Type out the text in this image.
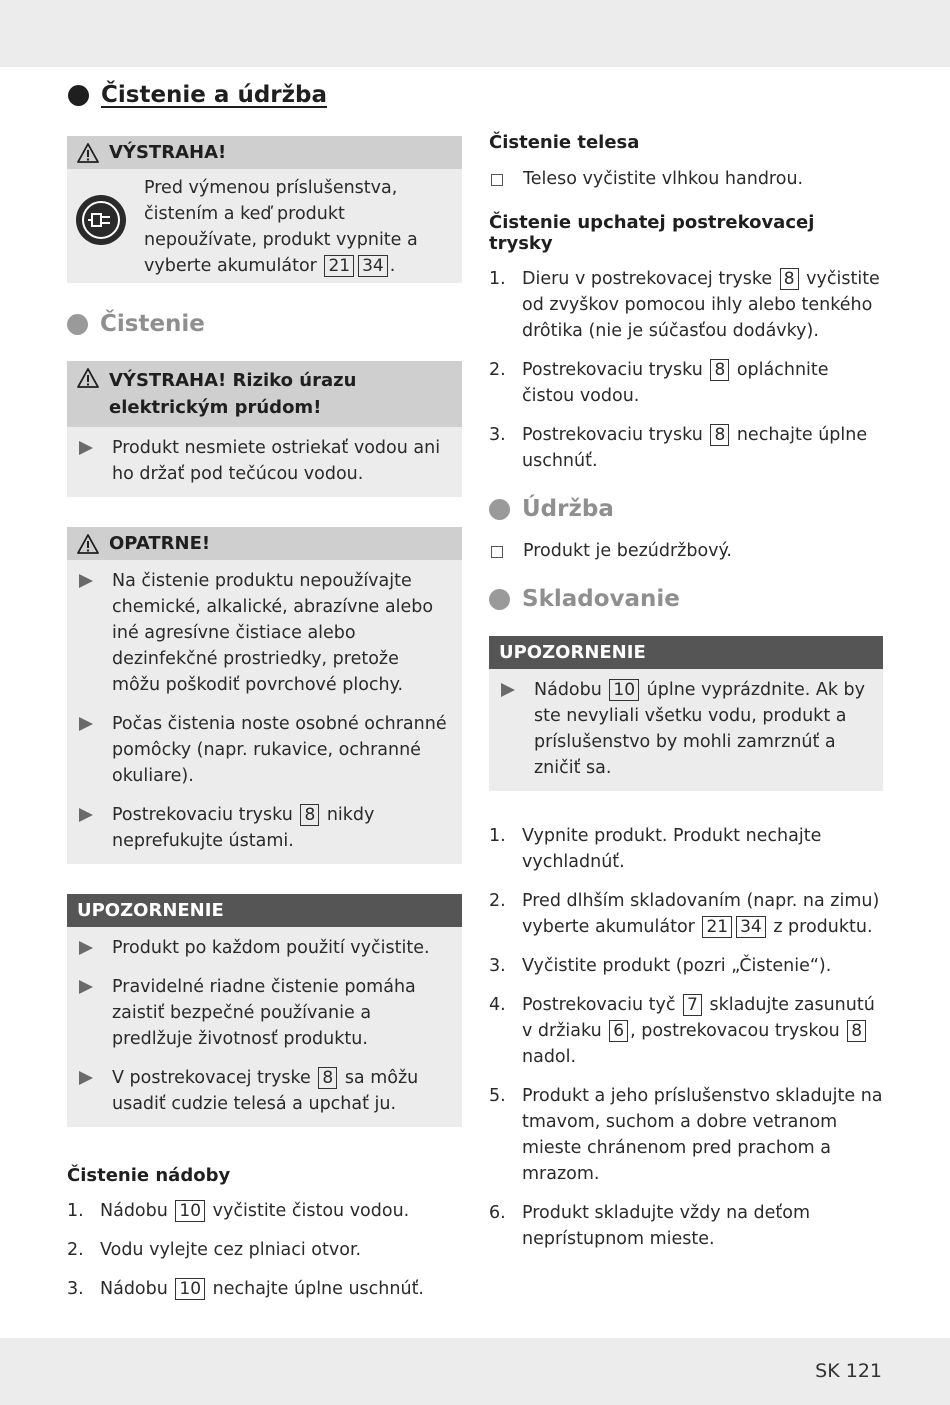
Čistenie a údržba
VÝSTRAHA!
Pred výmenou príslušenstva, čistením a keď produkt nepoužívate, produkt vypnite a vyberte akumulátor 21 34 .
Čistenie
VÝSTRAHA! Riziko úrazu
elektrickým prúdom!
Produkt nesmiete ostriekať vodou ani ho držať pod tečúcou vodou.
OPATRNE!
Na čistenie produktu nepoužívajte chemické, alkalické, abrazívne alebo iné agresívne čistiace alebo dezinfekčné prostriedky, pretože môžu poškodiť povrchové plochy.
Počas čistenia noste osobné ochranné pomôcky (napr. rukavice, ochranné okuliare).
Postrekovaciu trysku 8 nikdy neprefukujte ústami.
UPOZORNENIE
Produkt po každom použití vyčistite.
Pravidelné riadne čistenie pomáha zaistiť bezpečné používanie a predlžuje životnosť produktu.
V postrekovacej tryske 8 sa môžu usadiť cudzie telesá a upchať ju.
Čistenie nádoby
1. Nádobu 10 vyčistite čistou vodou.
2. Vodu vylejte cez plniaci otvor.
3. Nádobu 10 nechajte úplne uschnúť.
Čistenie telesa
Teleso vyčistite vlhkou handrou.
Čistenie upchatej postrekovacej trysky
1. Dieru v postrekovacej tryske 8 vyčistite od zvyškov pomocou ihly alebo tenkého drôtika (nie je súčasťou dodávky).
2. Postrekovaciu trysku 8 opláchnite čistou vodou.
3. Postrekovaciu trysku 8 nechajte úplne uschnúť.
Údržba
Produkt je bezúdržbový.
Skladovanie
UPOZORNENIE
Nádobu 10 úplne vyprázdnite. Ak by ste nevyliali všetku vodu, produkt a príslušenstvo by mohli zamrznúť a zničiť sa.
1. Vypnite produkt. Produkt nechajte vychladnúť.
2. Pred dlhším skladovaním (napr. na zimu) vyberte akumulátor 21 34 z produktu.
3. Vyčistite produkt (pozri „Čistenie“).
4. Postrekovaciu tyč 7 skladujte zasunutú v držiaku 6 , postrekovacou tryskou 8 nadol.
5. Produkt a jeho príslušenstvo skladujte na tmavom, suchom a dobre vetranom mieste chránenom pred prachom a mrazom.
6. Produkt skladujte vždy na deťom neprístupnom mieste.
SK 121
